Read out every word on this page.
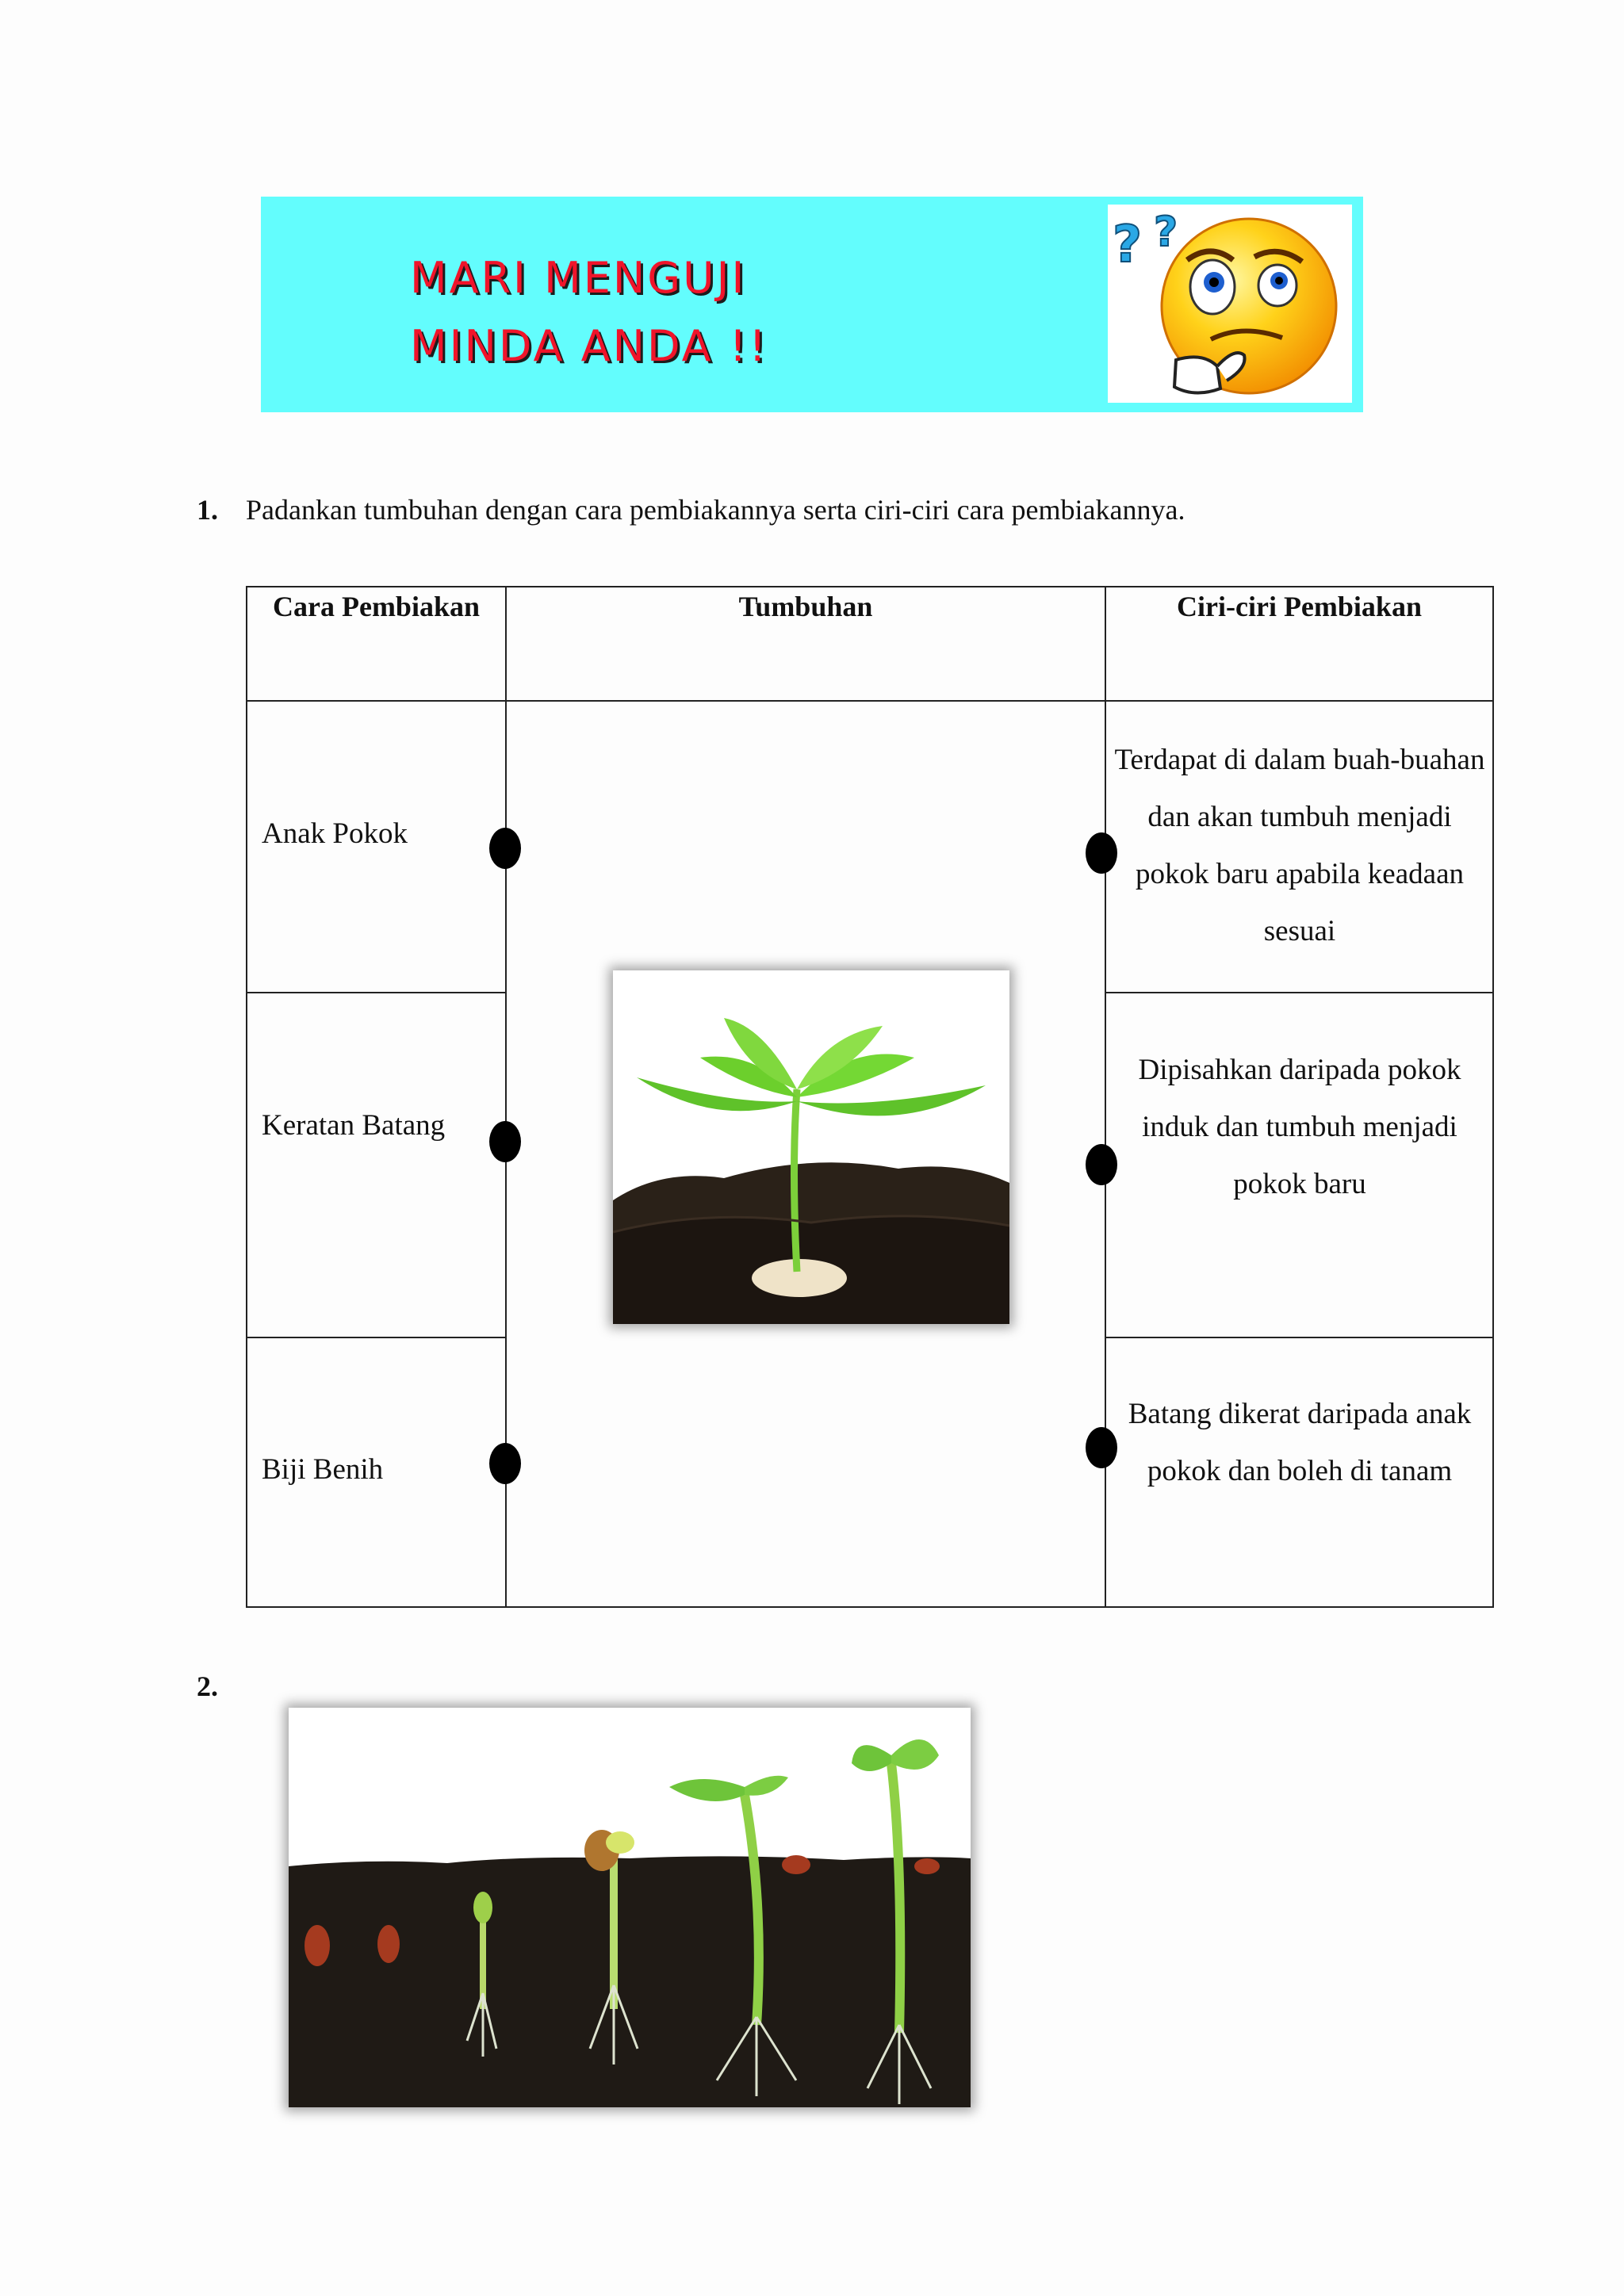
MARI MENGUJI
MINDA ANDA !!
? ?
1. Padankan tumbuhan dengan cara pembiakannya serta ciri-ciri cara pembiakannya.
Cara Pembiakan	Tumbuhan	Ciri-ciri Pembiakan
Anak Pokok
Keratan Batang
Biji Benih
Terdapat di dalam buah-buahan dan akan tumbuh menjadi pokok baru apabila keadaan sesuai
Dipisahkan daripada pokok induk dan tumbuh menjadi pokok baru
Batang dikerat daripada anak pokok dan boleh di tanam
2.
